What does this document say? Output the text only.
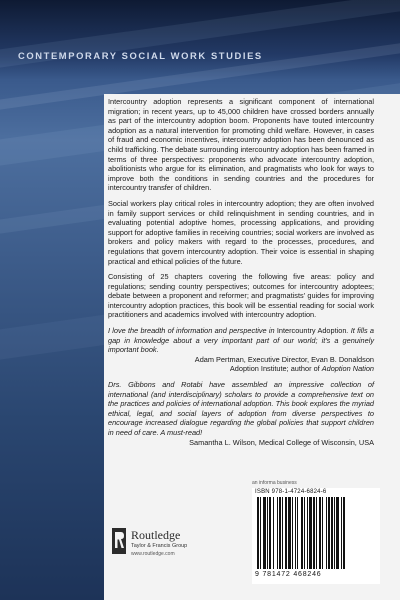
CONTEMPORARY SOCIAL WORK STUDIES

Intercountry adoption represents a significant component of international migration; in recent years, up to 45,000 children have crossed borders annually as part of the intercountry adoption boom. Proponents have touted intercountry adoption as a natural intervention for promoting child welfare. However, in cases of fraud and economic incentives, intercountry adoption has been denounced as child trafficking. The debate surrounding intercountry adoption has been framed in terms of three perspectives: proponents who advocate intercountry adoption, abolitionists who argue for its elimination, and pragmatists who look for ways to improve both the conditions in sending countries and the procedures for intercountry transfer of children.

Social workers play critical roles in intercountry adoption; they are often involved in family support services or child relinquishment in sending countries, and in evaluating potential adoptive homes, processing applications, and providing support for adoptive families in receiving countries; social workers are involved as brokers and policy makers with regard to the processes, procedures, and regulations that govern intercountry adoption. Their voice is essential in shaping practical and ethical policies of the future.

Consisting of 25 chapters covering the following five areas: policy and regulations; sending country perspectives; outcomes for intercountry adoptees; debate between a proponent and reformer; and pragmatists' guides for improving intercountry adoption practices, this book will be essential reading for social work practitioners and academics involved with intercountry adoption.

I love the breadth of information and perspective in Intercountry Adoption. It fills a gap in knowledge about a very important part of our world; it's a genuinely important book.
Adam Pertman, Executive Director, Evan B. Donaldson
Adoption Institute; author of Adoption Nation
Drs. Gibbons and Rotabi have assembled an impressive collection of international (and interdisciplinary) scholars to provide a comprehensive text on the practices and policies of international adoption. This book explores the myriad ethical, legal, and social layers of adoption from diverse perspectives to encourage increased dialogue regarding the global policies that support children in need of care. A must-read!
Samantha L. Wilson, Medical College of Wisconsin, USA
an informa business
ISBN 978-1-4724-6824-6
9 781472 468246
Routledge
Taylor & Francis Group
www.routledge.com
